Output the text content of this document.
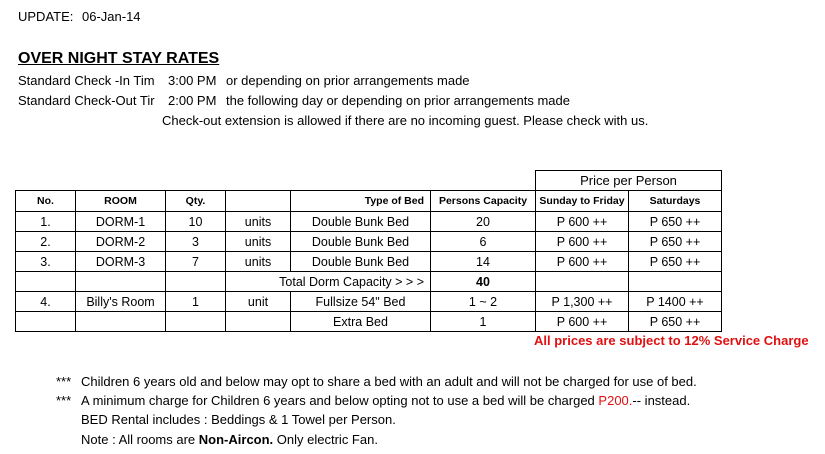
UPDATE: 06-Jan-14
OVER NIGHT STAY RATES
Standard Check -In Tim 3:00 PM or depending on prior arrangements made
Standard Check-Out Tir 2:00 PM the following day or depending on prior arrangements made
Check-out extension is allowed if there are no incoming guest. Please check with us.
						Price per Person	
No.	ROOM	Qty.		Type of Bed	Persons Capacity	Sunday to Friday	Saturdays
1.	DORM-1	10	units	Double Bunk Bed	20	P 600 ++	P 650 ++
2.	DORM-2	3	units	Double Bunk Bed	6	P 600 ++	P 650 ++
3.	DORM-3	7	units	Double Bunk Bed	14	P 600 ++	P 650 ++
			Total Dorm Capacity > > >		40		
4.	Billy's Room	1	unit	Fullsize 54" Bed	1 ~ 2	P 1,300 ++	P 1400 ++
				Extra Bed	1	P 600 ++	P 650 ++
All prices are subject to 12% Service Charge
*** Children 6 years old and below may opt to share a bed with an adult and will not be charged for use of bed.
*** A minimum charge for Children 6 years and below opting not to use a bed will be charged P200.-- instead.
BED Rental includes : Beddings & 1 Towel per Person.
Note : All rooms are Non-Aircon. Only electric Fan.
